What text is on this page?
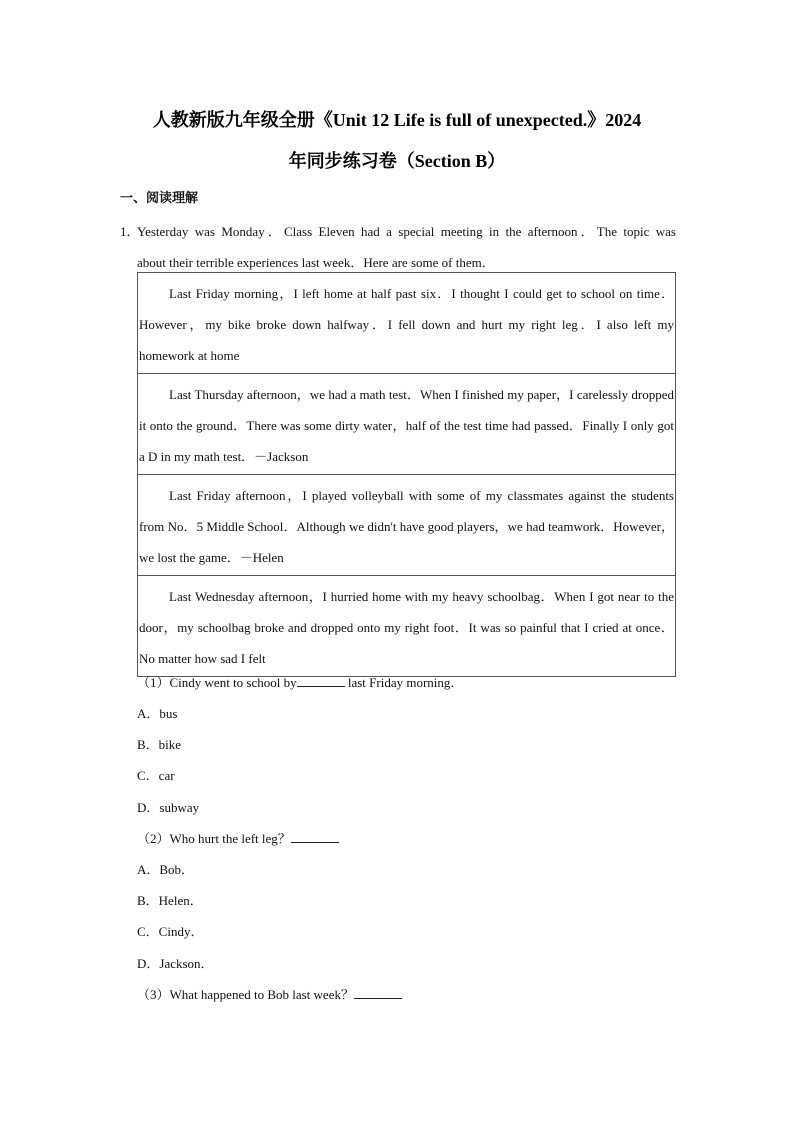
人教新版九年级全册《Unit 12 Life is full of unexpected.》2024
年同步练习卷（Section B）
一、阅读理解
1．
Yesterday was Monday．Class Eleven had a special meeting in the afternoon．The topic was
about their terrible experiences last week．Here are some of them．
Last Friday morning，I left home at half past six．I thought I could get to school on time．However，my bike broke down halfway．I fell down and hurt my right leg．I also left my homework at home
Last Thursday afternoon，we had a math test．When I finished my paper，I carelessly dropped it onto the ground．There was some dirty water，half of the test time had passed．Finally I only got a D in my math test．－Jackson
Last Friday afternoon，I played volleyball with some of my classmates against the students from No．5 Middle School．Although we didn't have good players，we had teamwork．However，we lost the game．－Helen
Last Wednesday afternoon，I hurried home with my heavy schoolbag．When I got near to the door，my schoolbag broke and dropped onto my right foot．It was so painful that I cried at once．No matter how sad I felt
（1）Cindy went to school by	last Friday morning．
A．bus
B．bike
C．car
D．subway
（2）Who hurt the left leg？
A．Bob．
B．Helen．
C．Cindy．
D．Jackson．
（3）What happened to Bob last week？
